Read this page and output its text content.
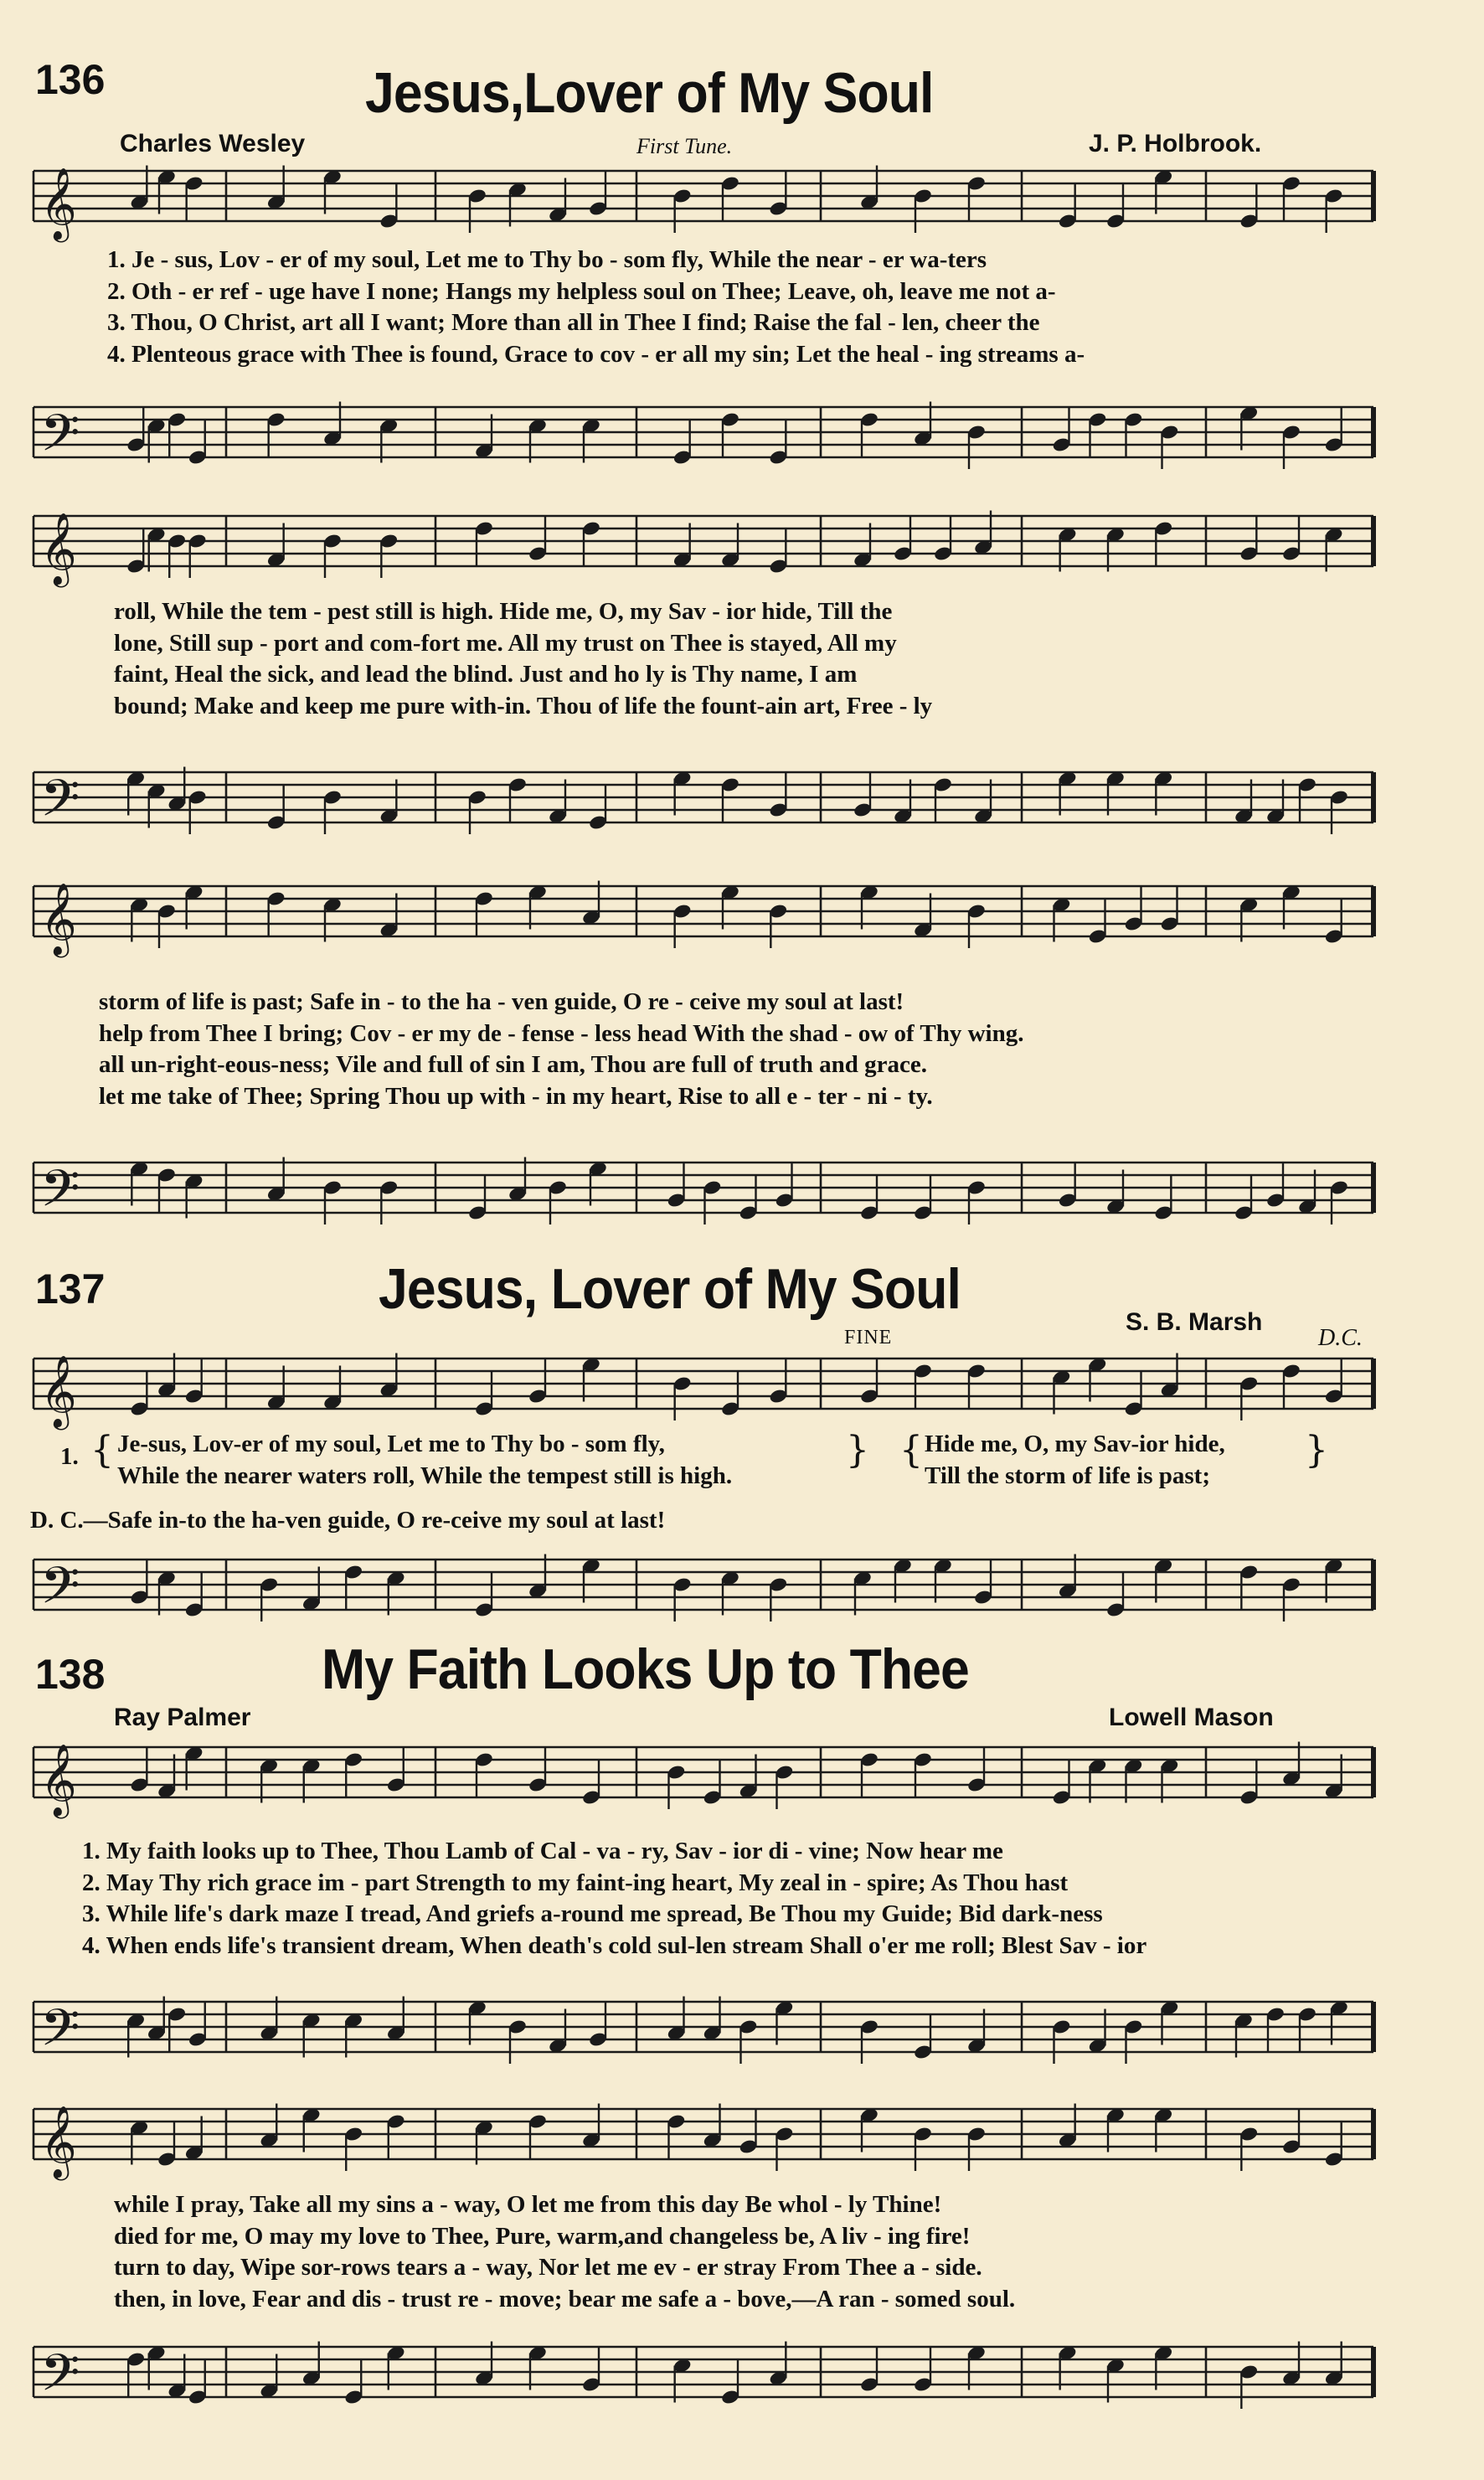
136	Jesus,Lover of My Soul
Charles Wesley	First Tune.	J. P. Holbrook.
𝄞
1. Je - sus, Lov - er of my soul, Let me to Thy bo - som fly, While the near - er wa-ters
2. Oth - er ref - uge have I none; Hangs my helpless soul on Thee; Leave, oh, leave me not a-
3. Thou, O Christ, art all I want; More than all in Thee I find; Raise the fal - len, cheer the
4. Plenteous grace with Thee is found, Grace to cov - er all my sin; Let the heal - ing streams a-
𝄢
𝄞
roll, While the tem - pest still is high. Hide me, O, my Sav - ior hide, Till the
lone, Still sup - port and com-fort me. All my trust on Thee is stayed, All my
faint, Heal the sick, and lead the blind. Just and ho ly is Thy name, I am
bound; Make and keep me pure with-in. Thou of life the fount-ain art, Free - ly
𝄢
𝄞
storm of life is past; Safe in - to the ha - ven guide, O re - ceive my soul at last!
help from Thee I bring; Cov - er my de - fense - less head With the shad - ow of Thy wing.
all un-right-eous-ness; Vile and full of sin I am, Thou are full of truth and grace.
let me take of Thee; Spring Thou up with - in my heart, Rise to all e - ter - ni - ty.
𝄢
137	Jesus, Lover of My Soul
S. B. Marsh
FINE	D.C.
𝄞
1. { Je-sus, Lov-er of my soul, Let me to Thy bo - som fly,
While the nearer waters roll, While the tempest still is high.
} { Hide me, O, my Sav-ior hide,
Till the storm of life is past;
}
D. C.—Safe in-to the ha-ven guide, O re-ceive my soul at last!
𝄢
138	My Faith Looks Up to Thee
Ray Palmer	Lowell Mason
𝄞
1. My faith looks up to Thee, Thou Lamb of Cal - va - ry, Sav - ior di - vine; Now hear me
2. May Thy rich grace im - part Strength to my faint-ing heart, My zeal in - spire; As Thou hast
3. While life's dark maze I tread, And griefs a-round me spread, Be Thou my Guide; Bid dark-ness
4. When ends life's transient dream, When death's cold sul-len stream Shall o'er me roll; Blest Sav - ior
𝄢
𝄞
while I pray, Take all my sins a - way, O let me from this day Be whol - ly Thine!
died for me, O may my love to Thee, Pure, warm,and changeless be, A liv - ing fire!
turn to day, Wipe sor-rows tears a - way, Nor let me ev - er stray From Thee a - side.
then, in love, Fear and dis - trust re - move; bear me safe a - bove,—A ran - somed soul.
𝄢
